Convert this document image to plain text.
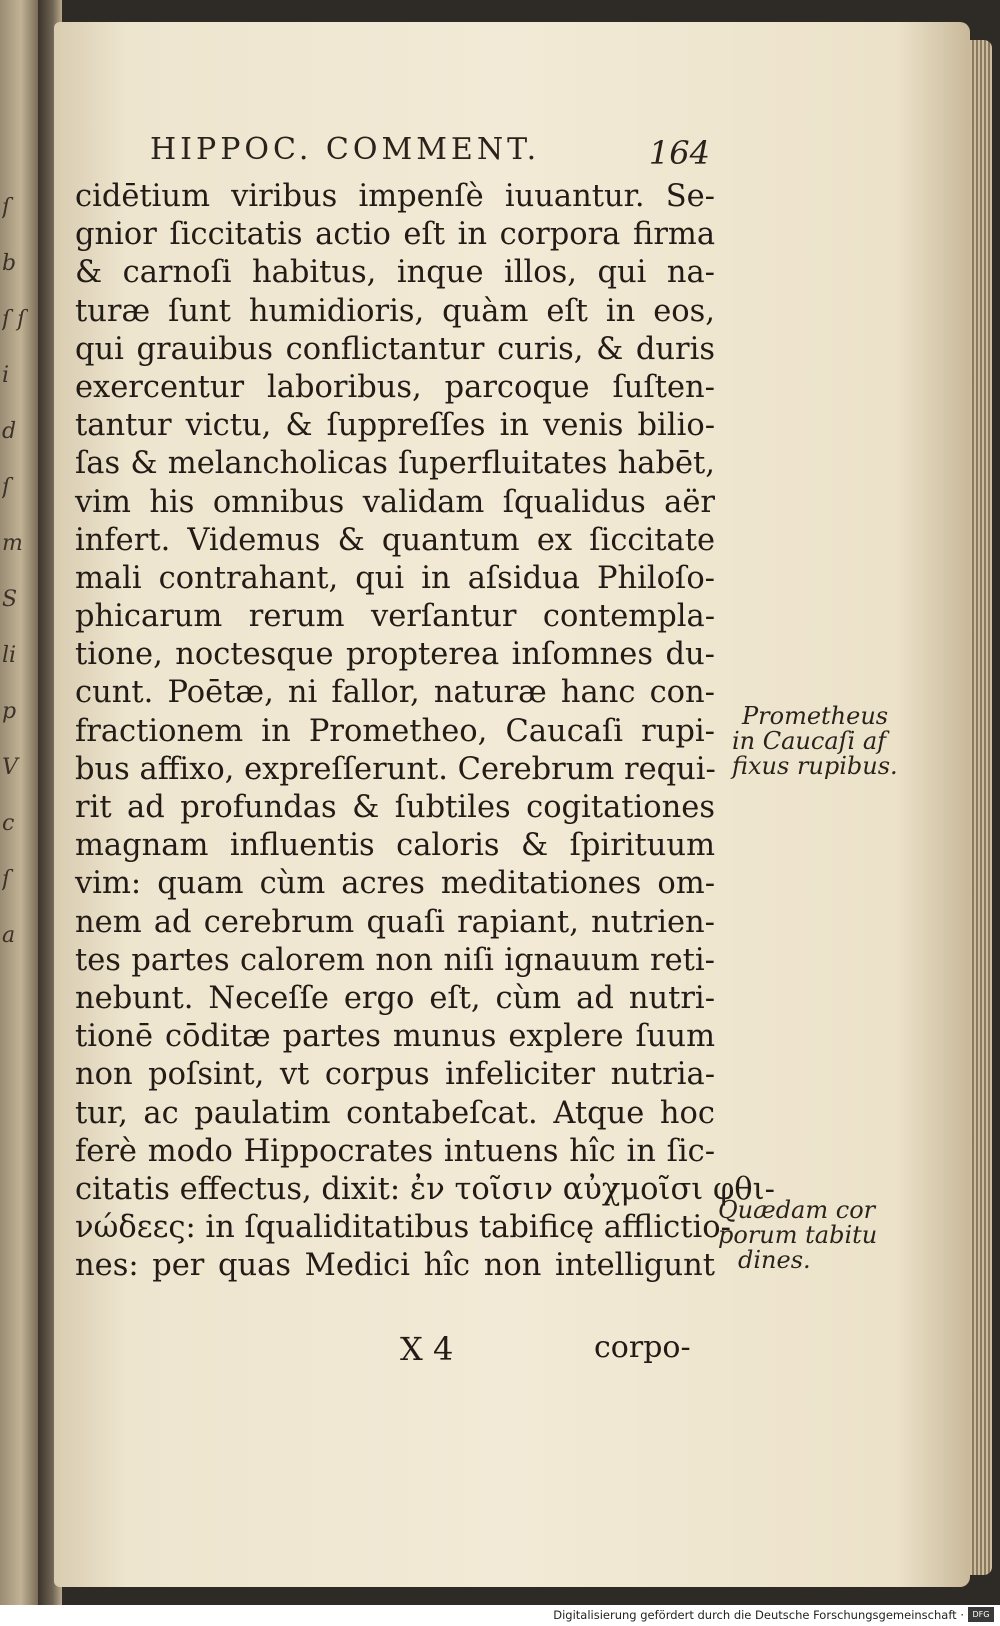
ſ b ſ ſ i d ſ m S li p V c ſ a
HIPPOC. COMMENT.	164
cidētium viribus impenſè iuuantur. Se-
gnior ſiccitatis actio eſt in corpora firma
& carnoſi habitus, inque illos, qui na-
turæ ſunt humidioris, quàm eſt in eos,
qui grauibus conflictantur curis, & duris
exercentur laboribus, parcoque ſuſten-
tantur victu, & ſuppreſſes in venis bilio-
ſas & melancholicas ſuperfluitates habēt,
vim his omnibus validam ſqualidus aër
infert. Videmus & quantum ex ſiccitate
mali contrahant, qui in aſsidua Philoſo-
phicarum rerum verſantur contempla-
tione, noctesque propterea inſomnes du-
cunt. Poētæ, ni fallor, naturæ hanc con-
fractionem in Prometheo, Caucaſi rupi-
bus affixo, expreſſerunt. Cerebrum requi-
rit ad profundas & ſubtiles cogitationes
magnam influentis caloris & ſpirituum
vim: quam cùm acres meditationes om-
nem ad cerebrum quaſi rapiant, nutrien-
tes partes calorem non niſi ignauum reti-
nebunt. Neceſſe ergo eſt, cùm ad nutri-
tionē cōditæ partes munus explere ſuum
non poſsint, vt corpus infeliciter nutria-
tur, ac paulatim contabeſcat. Atque hoc
ferè modo Hippocrates intuens hîc in ſic-
citatis effectus, dixit: ἐν τοῖσιν αὐχμοῖσι φθι-
νώδεες: in ſqualiditatibus tabificę afflictio-
nes: per quas Medici hîc non intelligunt
Prometheus
in Caucaſi af
fixus rupibus.
Quædam cor
porum tabitu
dines.
X 4	corpo-
Digitalisierung gefördert durch die Deutsche Forschungsgemeinschaft ·	DFG
